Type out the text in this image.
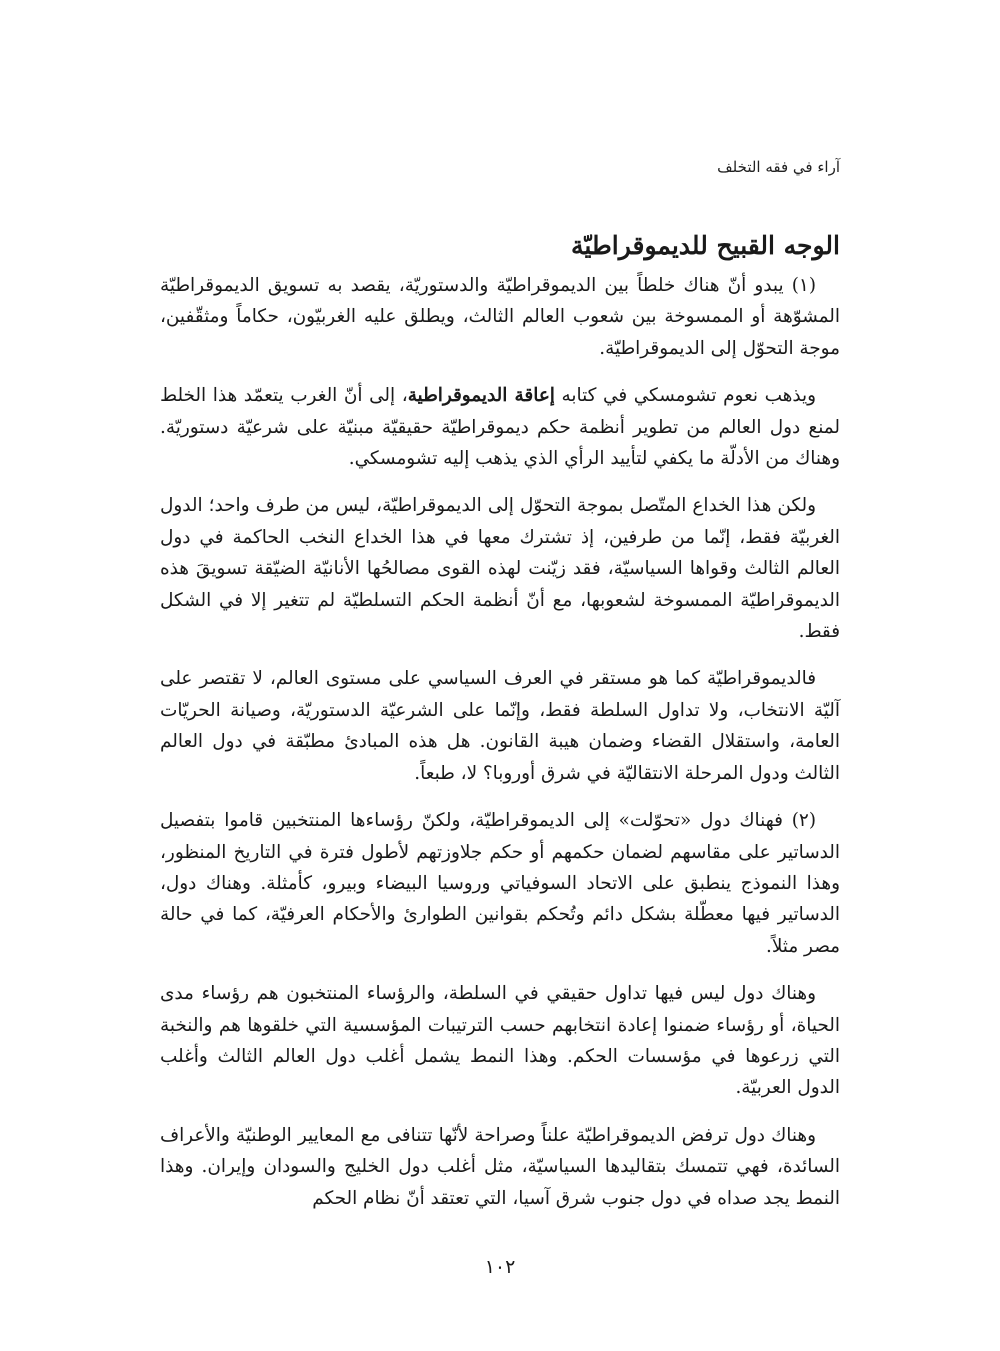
آراء في فقه التخلف
الوجه القبيح للديموقراطيّة

(١) يبدو أنّ هناك خلطاً بين الديموقراطيّة والدستوريّة، يقصد به تسويق الديموقراطيّة المشوّهة أو الممسوخة بين شعوب العالم الثالث، ويطلق عليه الغربيّون، حكاماً ومثقّفين، موجة التحوّل إلى الديموقراطيّة.

ويذهب نعوم تشومسكي في كتابه إعاقة الديموقراطية، إلى أنّ الغرب يتعمّد هذا الخلط لمنع دول العالم من تطوير أنظمة حكم ديموقراطيّة حقيقيّة مبنيّة على شرعيّة دستوريّة. وهناك من الأدلّة ما يكفي لتأييد الرأي الذي يذهب إليه تشومسكي.

ولكن هذا الخداع المتّصل بموجة التحوّل إلى الديموقراطيّة، ليس من طرف واحد؛ الدول الغربيّة فقط، إنّما من طرفين، إذ تشترك معها في هذا الخداع النخب الحاكمة في دول العالم الثالث وقواها السياسيّة، فقد زيّنت لهذه القوى مصالحُها الأنانيّة الضيّقة تسويقَ هذه الديموقراطيّة الممسوخة لشعوبها، مع أنّ أنظمة الحكم التسلطيّة لم تتغير إلا في الشكل فقط.

فالديموقراطيّة كما هو مستقر في العرف السياسي على مستوى العالم، لا تقتصر على آليّة الانتخاب، ولا تداول السلطة فقط، وإنّما على الشرعيّة الدستوريّة، وصيانة الحريّات العامة، واستقلال القضاء وضمان هيبة القانون. هل هذه المبادئ مطبّقة في دول العالم الثالث ودول المرحلة الانتقاليّة في شرق أوروبا؟ لا، طبعاً.

(٢) فهناك دول «تحوّلت» إلى الديموقراطيّة، ولكنّ رؤساءها المنتخبين قاموا بتفصيل الدساتير على مقاسهم لضمان حكمهم أو حكم جلاوزتهم لأطول فترة في التاريخ المنظور، وهذا النموذج ينطبق على الاتحاد السوفياتي وروسيا البيضاء وبيرو، كأمثلة. وهناك دول، الدساتير فيها معطّلة بشكل دائم وتُحكم بقوانين الطوارئ والأحكام العرفيّة، كما في حالة مصر مثلاً.

وهناك دول ليس فيها تداول حقيقي في السلطة، والرؤساء المنتخبون هم رؤساء مدى الحياة، أو رؤساء ضمنوا إعادة انتخابهم حسب الترتيبات المؤسسية التي خلقوها هم والنخبة التي زرعوها في مؤسسات الحكم. وهذا النمط يشمل أغلب دول العالم الثالث وأغلب الدول العربيّة.

وهناك دول ترفض الديموقراطيّة علناً وصراحة لأنّها تتنافى مع المعايير الوطنيّة والأعراف السائدة، فهي تتمسك بتقاليدها السياسيّة، مثل أغلب دول الخليج والسودان وإيران. وهذا النمط يجد صداه في دول جنوب شرق آسيا، التي تعتقد أنّ نظام الحكم

١٠٢
